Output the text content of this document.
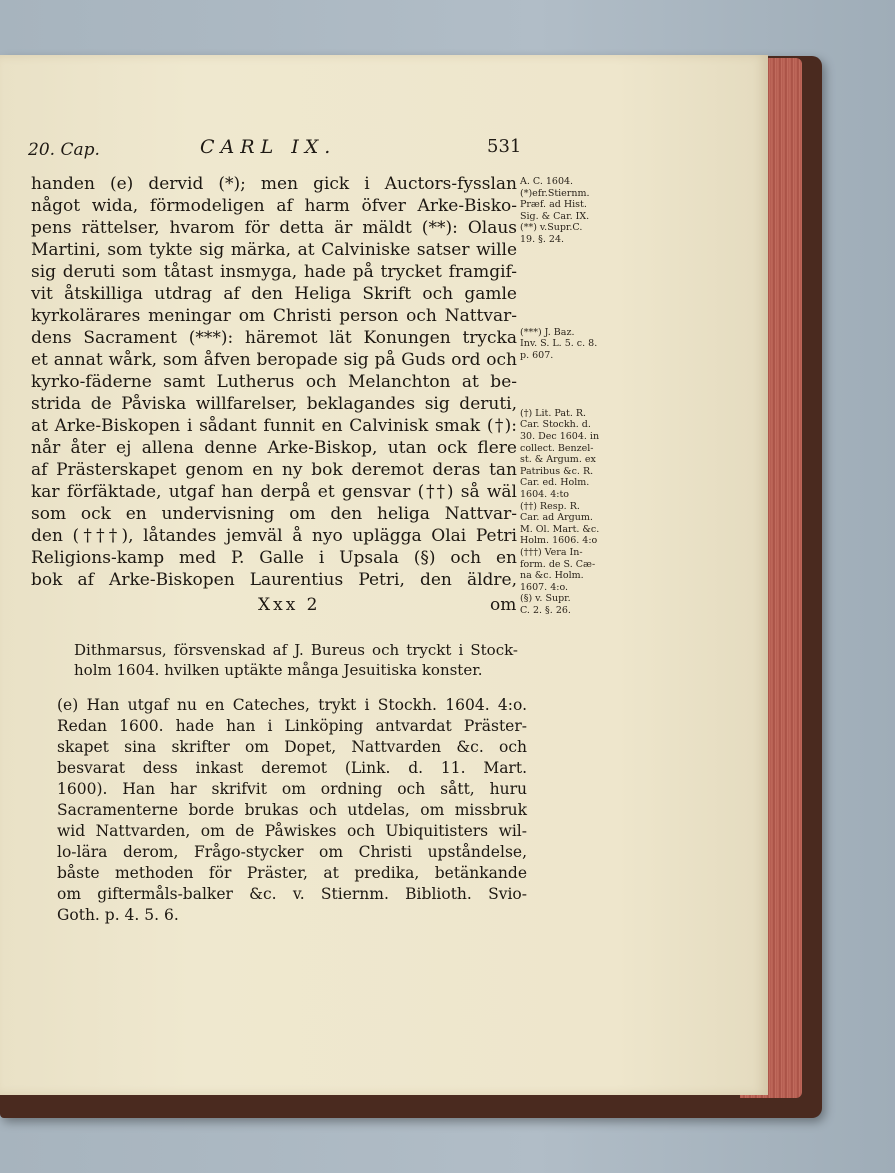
20. Cap.	CARL IX.	531
handen (e) dervid (*); men gick i Auctors-fysslan
något wida, förmodeligen af harm öfver Arke-Bisko-
pens rättelser, hvarom för detta är mäldt (**): Olaus
Martini, som tykte sig märka, at Calviniske satser wille
sig deruti som tåtast insmyga, hade på trycket framgif-
vit åtskilliga utdrag af den Heliga Skrift och gamle
kyrkolärares meningar om Christi person och Nattvar-
dens Sacrament (***): häremot lät Konungen trycka
et annat wårk, som åfven beropade sig på Guds ord och
kyrko-fäderne samt Lutherus och Melanchton at be-
strida de Påviska willfarelser, beklagandes sig deruti,
at Arke-Biskopen i sådant funnit en Calvinisk smak (†):
når åter ej allena denne Arke-Biskop, utan ock flere
af Prästerskapet genom en ny bok deremot deras tan
kar förfäktade, utgaf han derpå et gensvar (††) så wäl
som ock en undervisning om den heliga Nattvar-
den (†††), låtandes jemväl å nyo uplägga Olai Petri
Religions-kamp med P. Galle i Upsala (§) och en
bok af Arke-Biskopen Laurentius Petri, den äldre,
Xxx 2	om
Dithmarsus, försvenskad af J. Bureus och tryckt i Stock-
holm 1604. hvilken uptäkte många Jesuitiska konster.
(e) Han utgaf nu en Cateches, trykt i Stockh. 1604. 4:o.
Redan 1600. hade han i Linköping antvardat Präster-
skapet sina skrifter om Dopet, Nattvarden &c. och
besvarat dess inkast deremot (Link. d. 11. Mart.
1600). Han har skrifvit om ordning och sått, huru
Sacramenterne borde brukas och utdelas, om missbruk
wid Nattvarden, om de Påwiskes och Ubiquitisters wil-
lo-lära derom, Frågo-stycker om Christi upståndelse,
båste methoden för Präster, at predika, betänkande
om giftermåls-balker &c. v. Stiernm. Biblioth. Svio-
Goth. p. 4. 5. 6.
A. C. 1604.
(*)efr.Stiernm.
Præf. ad Hist.
Sig. & Car. IX.
(**) v.Supr.C.
19. §. 24.
(***) J. Baz.
Inv. S. L. 5. c. 8.
p. 607.
(†) Lit. Pat. R.
Car. Stockh. d.
30. Dec 1604. in
collect. Benzel-
st. & Argum. ex
Patribus &c. R.
Car. ed. Holm.
1604. 4:to
(††) Resp. R.
Car. ad Argum.
M. Ol. Mart. &c.
Holm. 1606. 4:o
(†††) Vera In-
form. de S. Cæ-
na &c. Holm.
1607. 4:o.
(§) v. Supr.
C. 2. §. 26.
